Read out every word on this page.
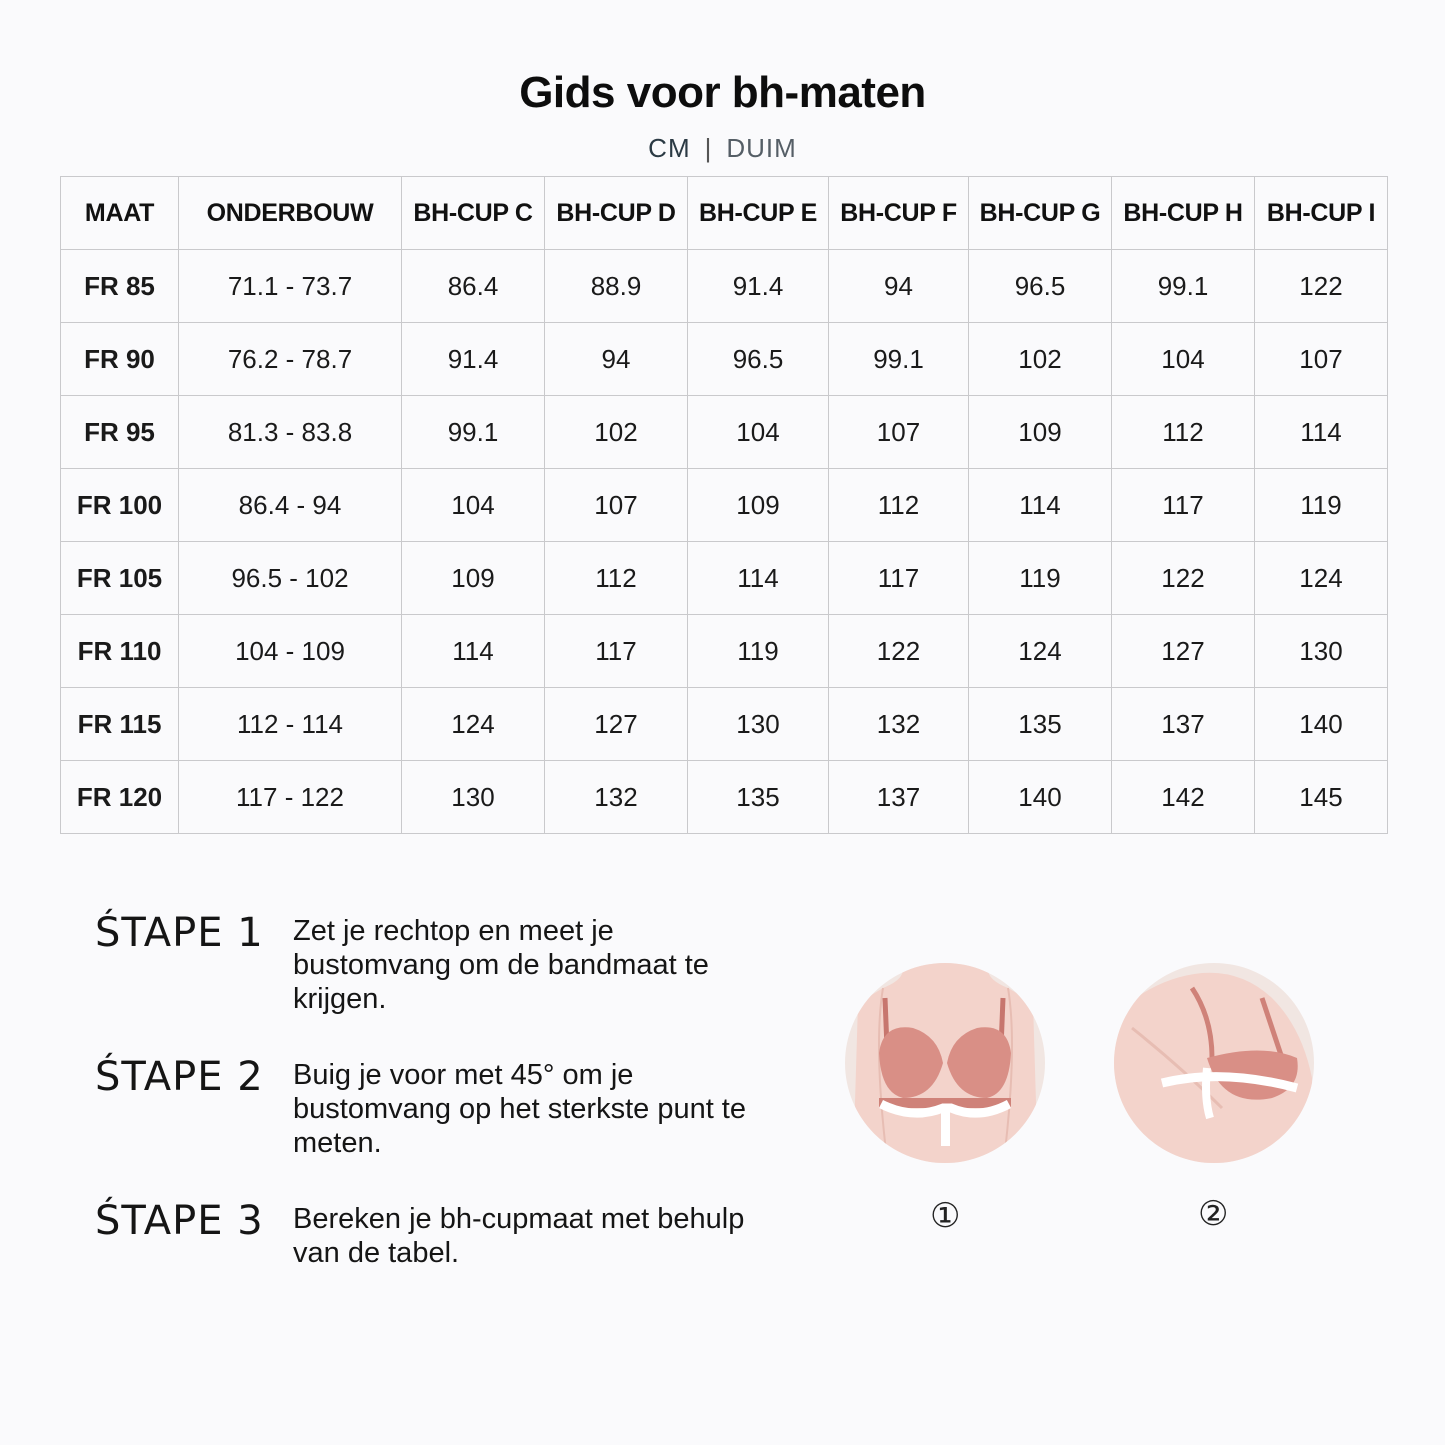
Gids voor bh-maten
CM | DUIM
MAAT	ONDERBOUW	BH-CUP C	BH-CUP D	BH-CUP E	BH-CUP F	BH-CUP G	BH-CUP H	BH-CUP I
FR 85	71.1 - 73.7	86.4	88.9	91.4	94	96.5	99.1	122
FR 90	76.2 - 78.7	91.4	94	96.5	99.1	102	104	107
FR 95	81.3 - 83.8	99.1	102	104	107	109	112	114
FR 100	86.4 - 94	104	107	109	112	114	117	119
FR 105	96.5 - 102	109	112	114	117	119	122	124
FR 110	104 - 109	114	117	119	122	124	127	130
FR 115	112 - 114	124	127	130	132	135	137	140
FR 120	117 - 122	130	132	135	137	140	142	145
ŚTAPE 1	Zet je rechtop en meet je bustomvang om de bandmaat te krijgen.
ŚTAPE 2	Buig je voor met 45° om je bustomvang op het sterkste punt te meten.
ŚTAPE 3	Bereken je bh-cupmaat met behulp van de tabel.
①	②
